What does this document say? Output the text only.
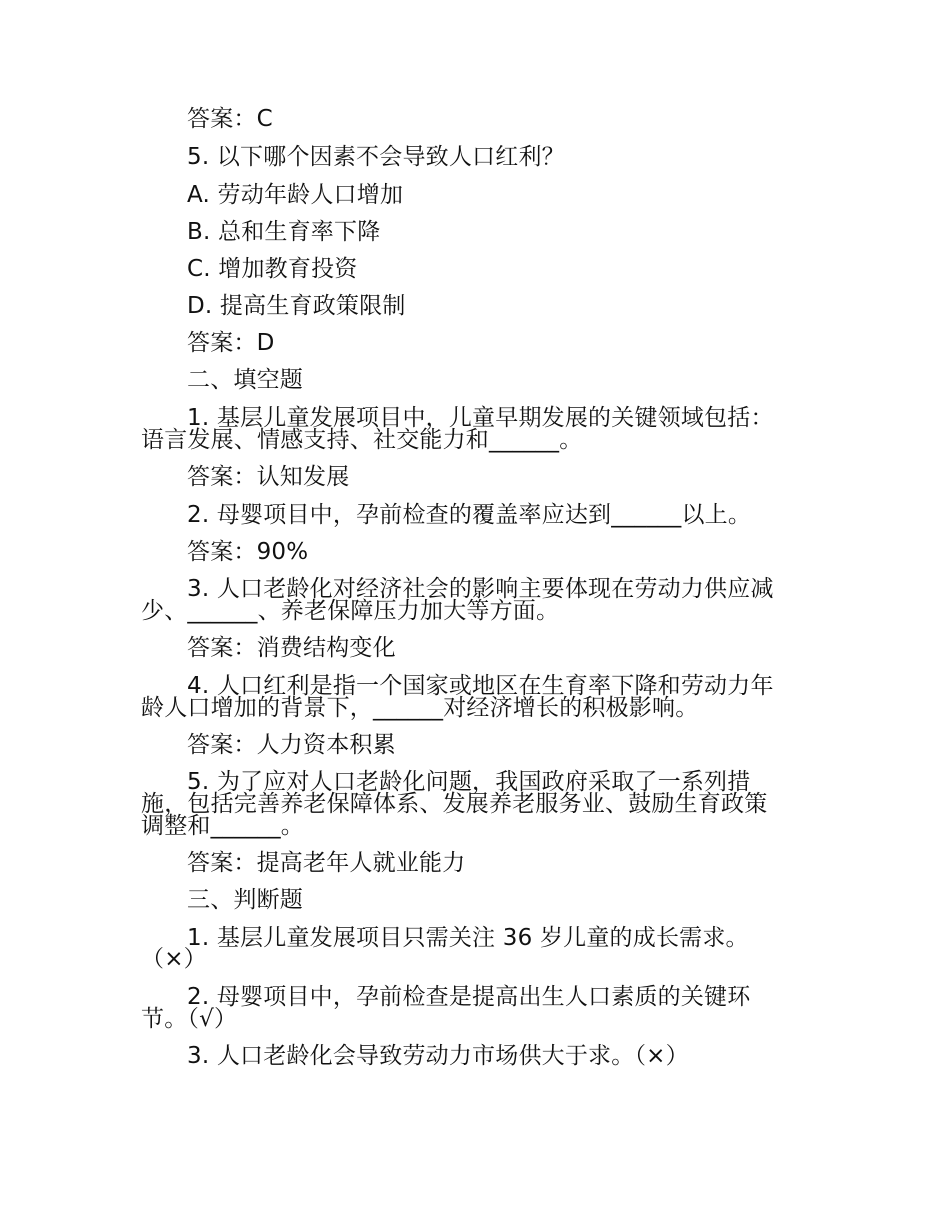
答案：C
5. 以下哪个因素不会导致人口红利？
A. 劳动年龄人口增加
B. 总和生育率下降
C. 增加教育投资
D. 提高生育政策限制
答案：D
二、填空题
1. 基层儿童发展项目中，儿童早期发展的关键领域包括：
语言发展、情感支持、社交能力和______。
答案：认知发展
2. 母婴项目中，孕前检查的覆盖率应达到______以上。
答案：90%
3. 人口老龄化对经济社会的影响主要体现在劳动力供应减
少、______、养老保障压力加大等方面。
答案：消费结构变化
4. 人口红利是指一个国家或地区在生育率下降和劳动力年
龄人口增加的背景下，______对经济增长的积极影响。
答案：人力资本积累
5. 为了应对人口老龄化问题，我国政府采取了一系列措
施，包括完善养老保障体系、发展养老服务业、鼓励生育政策
调整和______。
答案：提高老年人就业能力
三、判断题
1. 基层儿童发展项目只需关注 36 岁儿童的成长需求。
（×）
2. 母婴项目中，孕前检查是提高出生人口素质的关键环
节。（√）
3. 人口老龄化会导致劳动力市场供大于求。（×）
